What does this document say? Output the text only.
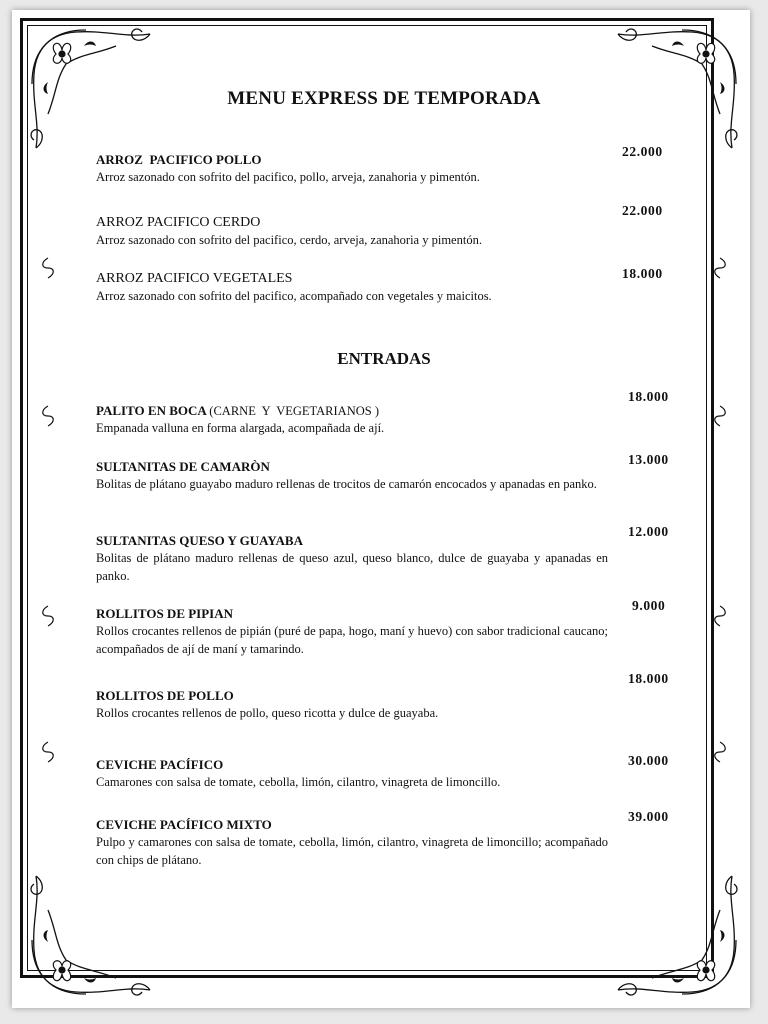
MENU EXPRESS DE TEMPORADA
ARROZ  PACIFICO POLLO
Arroz sazonado con sofrito del pacifico, pollo, arveja, zanahoria y pimentón.
22.000
ARROZ PACIFICO CERDO
Arroz sazonado con sofrito del pacifico, cerdo, arveja, zanahoria y pimentón.
22.000
ARROZ PACIFICO VEGETALES
Arroz sazonado con sofrito del pacifico, acompañado con vegetales y maicitos.
18.000
ENTRADAS
PALITO EN BOCA (CARNE  Y  VEGETARIANOS )
Empanada valluna en forma alargada, acompañada de ají.
18.000
SULTANITAS DE CAMARÒN
Bolitas de plátano guayabo maduro rellenas de trocitos de camarón encocados y apanadas en panko.
13.000
SULTANITAS QUESO Y GUAYABA
Bolitas de plátano maduro rellenas de queso azul, queso blanco, dulce de guayaba y apanadas en panko.
12.000
ROLLITOS DE PIPIAN
Rollos crocantes rellenos de pipián (puré de papa, hogo, maní y huevo) con sabor tradicional caucano; acompañados de ají de maní y tamarindo.
9.000
ROLLITOS DE POLLO
Rollos crocantes rellenos de pollo, queso ricotta y dulce de guayaba.
18.000
CEVICHE PACÍFICO
Camarones con salsa de tomate, cebolla, limón, cilantro, vinagreta de limoncillo.
30.000
CEVICHE PACÍFICO MIXTO
Pulpo y camarones con salsa de tomate, cebolla, limón, cilantro, vinagreta de limoncillo; acompañado con chips de plátano.
39.000
